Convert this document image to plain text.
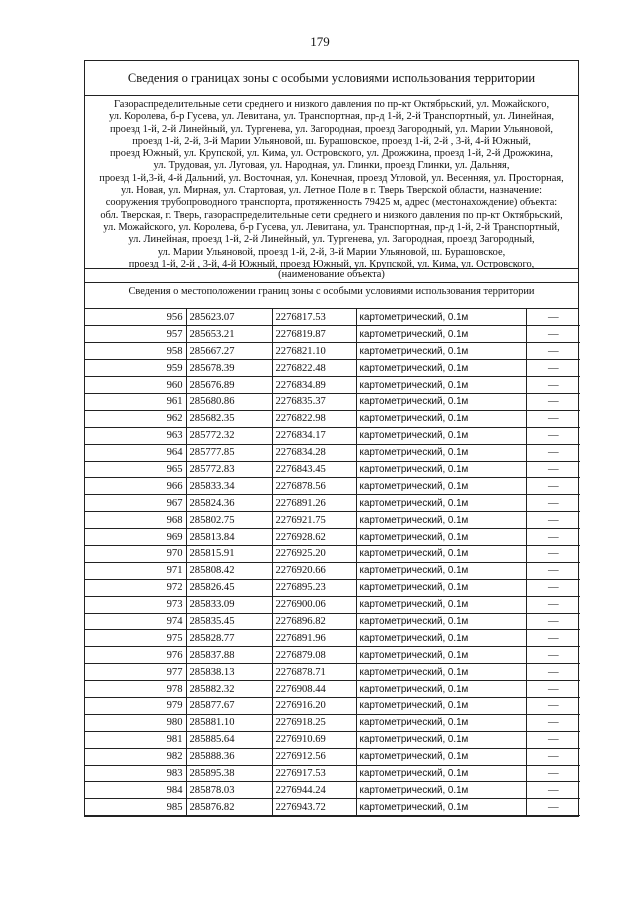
179
Сведения о границах зоны с особыми условиями использования территории
Газораспределительные сети среднего и низкого давления по пр-кт Октябрьский, ул. Можайского,
ул. Королева, б-р Гусева, ул. Левитана, ул. Транспортная, пр-д 1-й, 2-й Транспортный, ул. Линейная,
проезд 1-й, 2-й Линейный, ул. Тургенева, ул. Загородная, проезд Загородный, ул. Марии Ульяновой,
проезд 1-й, 2-й, 3-й Марии Ульяновой, ш. Бурашовское, проезд 1-й, 2-й , 3-й, 4-й Южный,
проезд Южный, ул. Крупской, ул. Кима, ул. Островского, ул. Дрожжина, проезд 1-й, 2-й Дрожжина,
ул. Трудовая, ул. Луговая, ул. Народная, ул. Глинки, проезд Глинки, ул. Дальняя,
проезд 1-й,3-й, 4-й Дальний, ул. Восточная, ул. Конечная, проезд Угловой, ул. Весенняя, ул. Просторная,
ул. Новая, ул. Мирная, ул. Стартовая, ул. Летное Поле в г. Тверь Тверской области, назначение:
сооружения трубопроводного транспорта, протяженность 79425 м, адрес (местонахождение) объекта:
обл. Тверская, г. Тверь, газораспределительные сети среднего и низкого давления по пр-кт Октябрьский,
ул. Можайского, ул. Королева, б-р Гусева, ул. Левитана, ул. Транспортная, пр-д 1-й, 2-й Транспортный,
ул. Линейная, проезд 1-й, 2-й Линейный, ул. Тургенева, ул. Загородная, проезд Загородный,
ул. Марии Ульяновой, проезд 1-й, 2-й, 3-й Марии Ульяновой, ш. Бурашовское,
проезд 1-й, 2-й , 3-й, 4-й Южный, проезд Южный, ул. Крупской, ул. Кима, ул. Островского,
(наименование объекта)
Сведения о местоположении границ зоны с особыми условиями использования территории
956	285623.07	2276817.53	картометрический, 0.1м	—
957	285653.21	2276819.87	картометрический, 0.1м	—
958	285667.27	2276821.10	картометрический, 0.1м	—
959	285678.39	2276822.48	картометрический, 0.1м	—
960	285676.89	2276834.89	картометрический, 0.1м	—
961	285680.86	2276835.37	картометрический, 0.1м	—
962	285682.35	2276822.98	картометрический, 0.1м	—
963	285772.32	2276834.17	картометрический, 0.1м	—
964	285777.85	2276834.28	картометрический, 0.1м	—
965	285772.83	2276843.45	картометрический, 0.1м	—
966	285833.34	2276878.56	картометрический, 0.1м	—
967	285824.36	2276891.26	картометрический, 0.1м	—
968	285802.75	2276921.75	картометрический, 0.1м	—
969	285813.84	2276928.62	картометрический, 0.1м	—
970	285815.91	2276925.20	картометрический, 0.1м	—
971	285808.42	2276920.66	картометрический, 0.1м	—
972	285826.45	2276895.23	картометрический, 0.1м	—
973	285833.09	2276900.06	картометрический, 0.1м	—
974	285835.45	2276896.82	картометрический, 0.1м	—
975	285828.77	2276891.96	картометрический, 0.1м	—
976	285837.88	2276879.08	картометрический, 0.1м	—
977	285838.13	2276878.71	картометрический, 0.1м	—
978	285882.32	2276908.44	картометрический, 0.1м	—
979	285877.67	2276916.20	картометрический, 0.1м	—
980	285881.10	2276918.25	картометрический, 0.1м	—
981	285885.64	2276910.69	картометрический, 0.1м	—
982	285888.36	2276912.56	картометрический, 0.1м	—
983	285895.38	2276917.53	картометрический, 0.1м	—
984	285878.03	2276944.24	картометрический, 0.1м	—
985	285876.82	2276943.72	картометрический, 0.1м	—
